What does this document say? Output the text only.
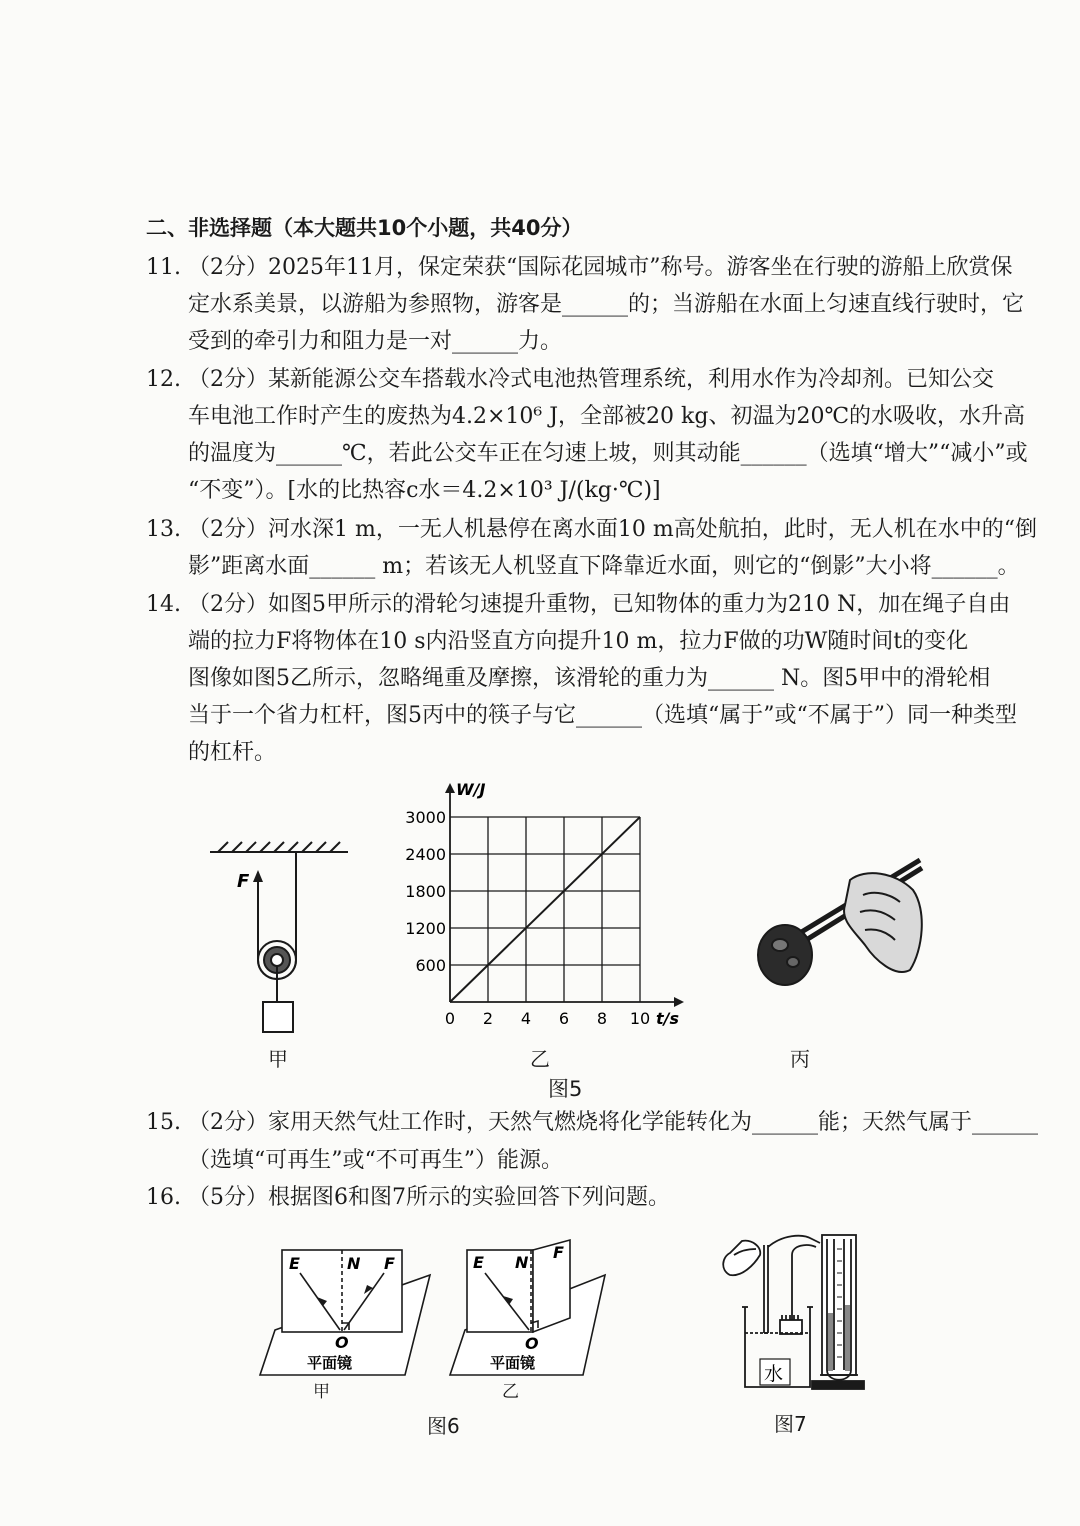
二、非选择题（本大题共10个小题，共40分）
11. （2分）2025年11月，保定荣获“国际花园城市”称号。游客坐在行驶的游船上欣赏保
定水系美景，以游船为参照物，游客是______的；当游船在水面上匀速直线行驶时，它
受到的牵引力和阻力是一对______力。
12. （2分）某新能源公交车搭载水冷式电池热管理系统，利用水作为冷却剂。已知公交
车电池工作时产生的废热为4.2×10⁶ J，全部被20 kg、初温为20℃的水吸收，水升高
的温度为______℃，若此公交车正在匀速上坡，则其动能______（选填“增大”“减小”或
“不变”）。[水的比热容c水＝4.2×10³ J/(kg·℃)]
13. （2分）河水深1 m，一无人机悬停在离水面10 m高处航拍，此时，无人机在水中的“倒
影”距离水面______ m；若该无人机竖直下降靠近水面，则它的“倒影”大小将______。
14. （2分）如图5甲所示的滑轮匀速提升重物，已知物体的重力为210 N，加在绳子自由
端的拉力F将物体在10 s内沿竖直方向提升10 m，拉力F做的功W随时间t的变化
图像如图5乙所示，忽略绳重及摩擦，该滑轮的重力为______ N。图5甲中的滑轮相
当于一个省力杠杆，图5丙中的筷子与它______（选填“属于”或“不属于”）同一种类型
的杠杆。
F
甲
0 2 4 6 8 10
600
1200
1800
2400
3000
t/s
W/J
乙	丙
图5
15. （2分）家用天然气灶工作时，天然气燃烧将化学能转化为______能；天然气属于______
（选填“可再生”或“不可再生”）能源。
16. （5分）根据图6和图7所示的实验回答下列问题。
E	N F
O
平面镜
甲
E N
F
O
平面镜
乙
图6
水
图7
